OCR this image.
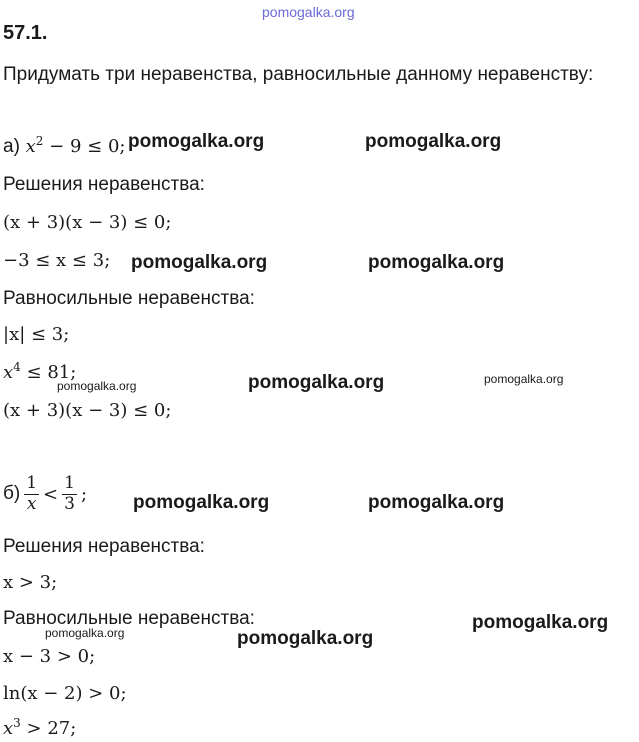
pomogalka.org
57.1.
Придумать три неравенства, равносильные данному неравенству:
а) $x^2 - 9 \le 0$; pomogalka.org	pomogalka.org
Решения неравенства:
(x + 3)(x − 3) ≤ 0;
−3 ≤ x ≤ 3; pomogalka.org	pomogalka.org
Равносильные неравенства:
|x| ≤ 3;
$x^4 \le 81$;
pomogalka.org	pomogalka.org	pomogalka.org
(x + 3)(x − 3) ≤ 0;
$б) \frac{1}{x} < \frac{1}{3}$ ; pomogalka.org	pomogalka.org
Решения неравенства:
x > 3;
Равносильные неравенства:	pomogalka.org
pomogalka.org	pomogalka.org
x − 3 > 0;
ln(x − 2) > 0;
$x^3 > 27$;
